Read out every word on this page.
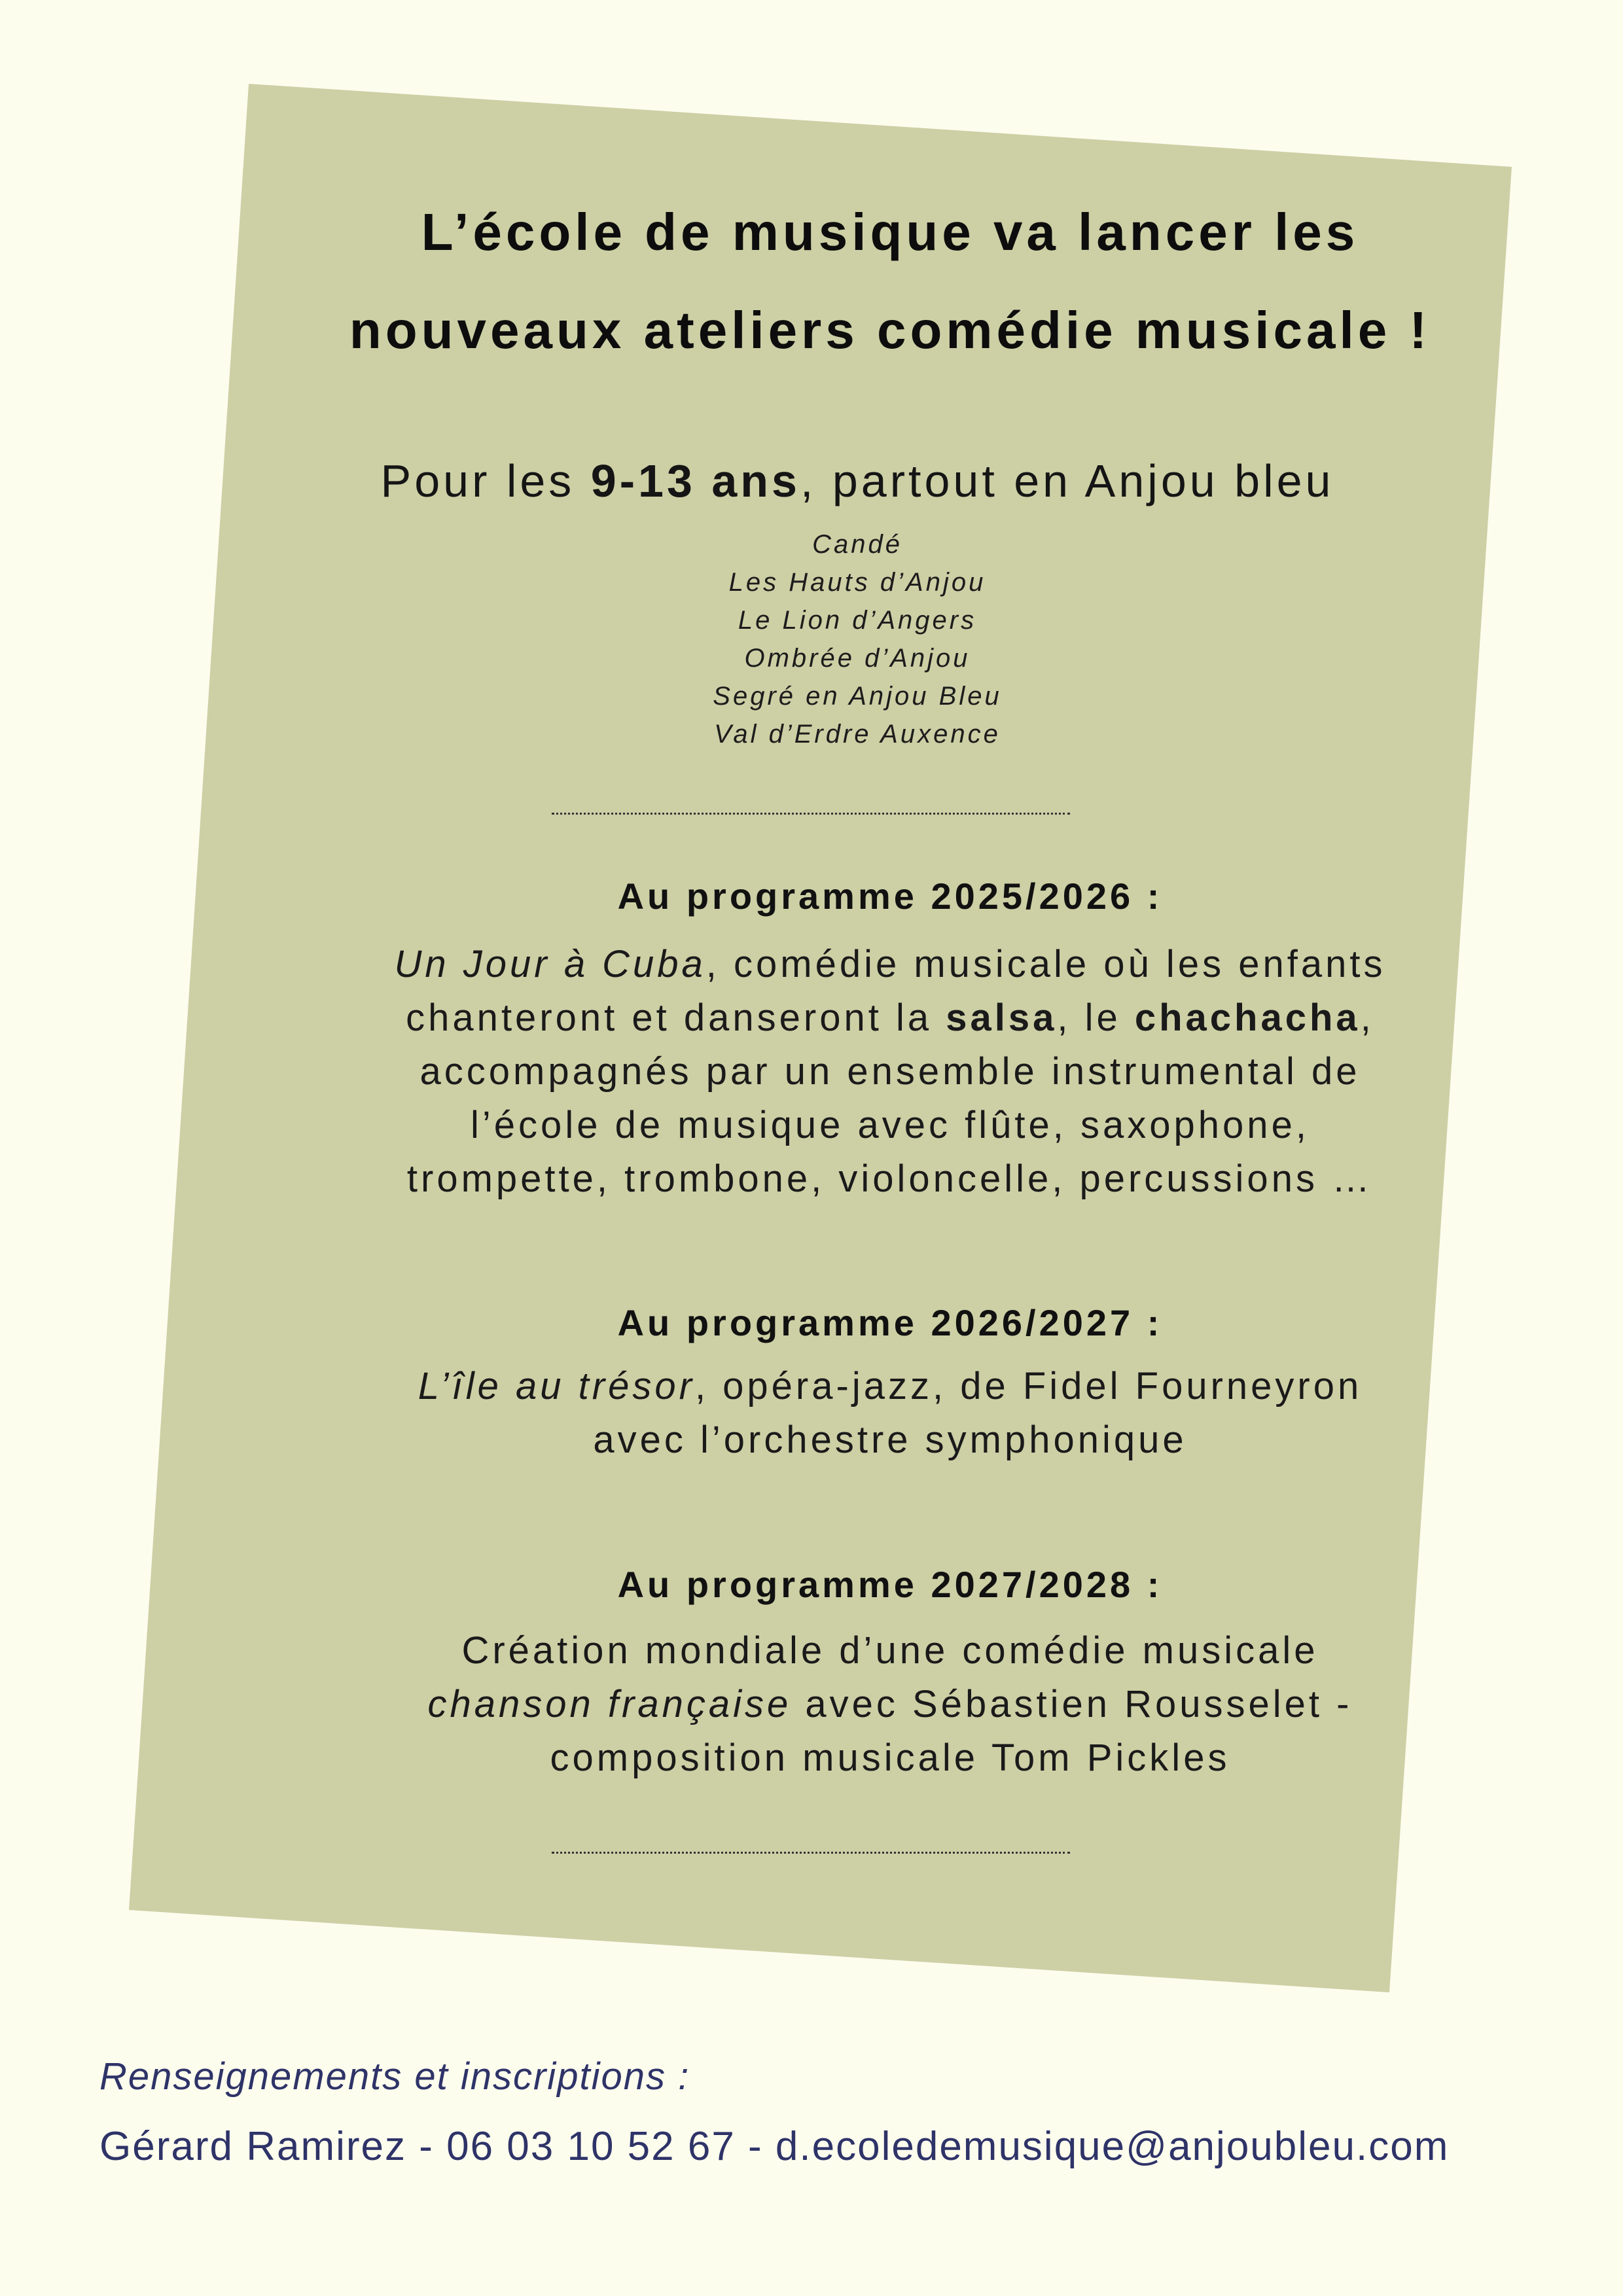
L’école de musique va lancer les
nouveaux ateliers comédie musicale !
Pour les 9-13 ans, partout en Anjou bleu
Candé
Les Hauts d’Anjou
Le Lion d’Angers
Ombrée d’Anjou
Segré en Anjou Bleu
Val d’Erdre Auxence
Au programme 2025/2026 :
Un Jour à Cuba, comédie musicale où les enfants
chanteront et danseront la salsa, le chachacha,
accompagnés par un ensemble instrumental de
l’école de musique avec flûte, saxophone,
trompette, trombone, violoncelle, percussions …
Au programme 2026/2027 :
L’île au trésor, opéra-jazz, de Fidel Fourneyron
avec l’orchestre symphonique
Au programme 2027/2028 :
Création mondiale d’une comédie musicale
chanson française avec Sébastien Rousselet -
composition musicale Tom Pickles
Renseignements et inscriptions :
Gérard Ramirez - 06 03 10 52 67 - d.ecoledemusique@anjoubleu.com
